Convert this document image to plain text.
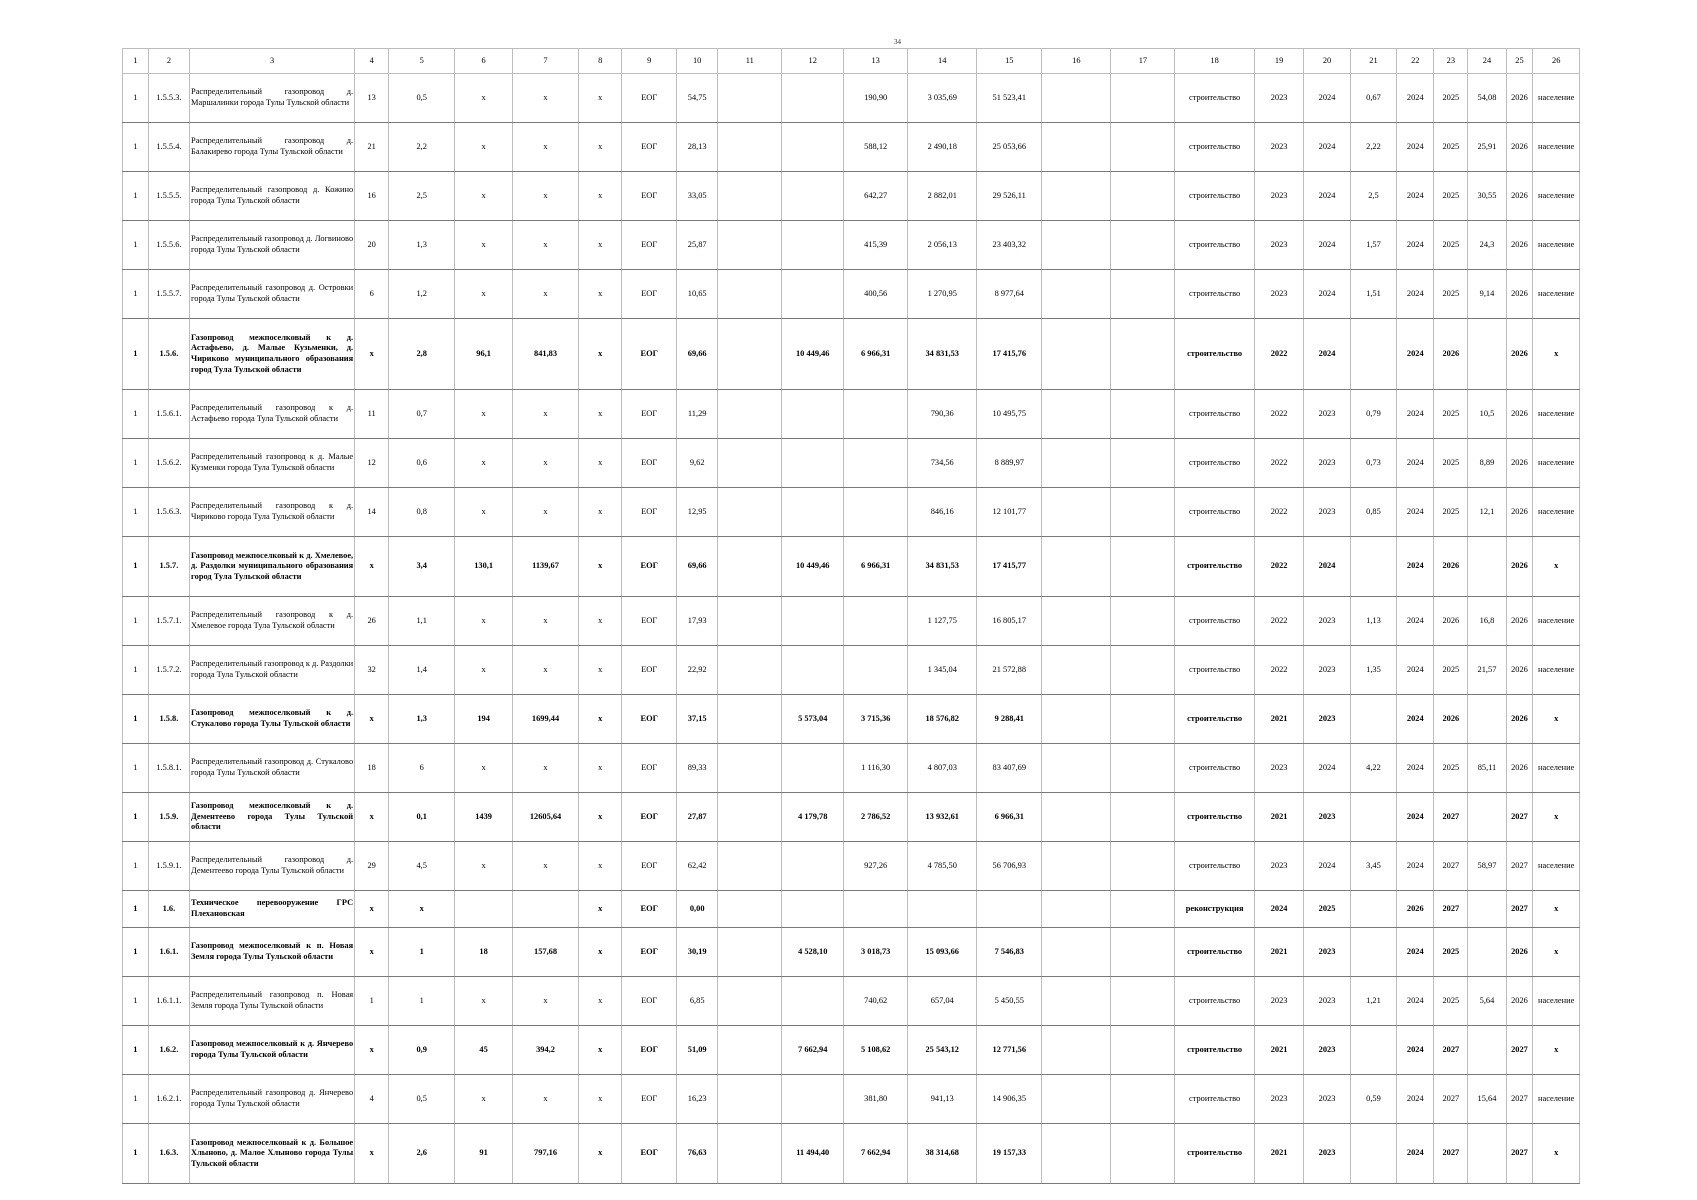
34
1	2	3	4	5	6	7	8	9	10	11	12	13	14	15	16	17	18	19	20	21	22	23	24	25	26
1	1.5.5.3.	Распределительный газопровод д. Маршалинки города Тулы Тульской области	13	0,5	х	х	х	ЕОГ	54,75			190,90	3 035,69	51 523,41			строительство	2023	2024	0,67	2024	2025	54,08	2026	население
1	1.5.5.4.	Распределительный газопровод д. Балакирево города Тулы Тульской области	21	2,2	х	х	х	ЕОГ	28,13			588,12	2 490,18	25 053,66			строительство	2023	2024	2,22	2024	2025	25,91	2026	население
1	1.5.5.5.	Распределительный газопровод д. Кожино города Тулы Тульской области	16	2,5	х	х	х	ЕОГ	33,05			642,27	2 882,01	29 526,11			строительство	2023	2024	2,5	2024	2025	30,55	2026	население
1	1.5.5.6.	Распределительный газопровод д. Логвиново города Тулы Тульской области	20	1,3	х	х	х	ЕОГ	25,87			415,39	2 056,13	23 403,32			строительство	2023	2024	1,57	2024	2025	24,3	2026	население
1	1.5.5.7.	Распределительный газопровод д. Островки города Тулы Тульской области	6	1,2	х	х	х	ЕОГ	10,65			400,56	1 270,95	8 977,64			строительство	2023	2024	1,51	2024	2025	9,14	2026	население
1	1.5.6.	Газопровод межпоселковый к д. Астафьево, д. Малые Кузьменки, д. Чириково муниципального образования город Тула Тульской области	х	2,8	96,1	841,83	х	ЕОГ	69,66		10 449,46	6 966,31	34 831,53	17 415,76			строительство	2022	2024		2024	2026		2026	х
1	1.5.6.1.	Распределительный газопровод к д. Астафьево города Тула Тульской области	11	0,7	х	х	х	ЕОГ	11,29				790,36	10 495,75			строительство	2022	2023	0,79	2024	2025	10,5	2026	население
1	1.5.6.2.	Распределительный газопровод к д. Малые Кузменки города Тула Тульской области	12	0,6	х	х	х	ЕОГ	9,62				734,56	8 889,97			строительство	2022	2023	0,73	2024	2025	8,89	2026	население
1	1.5.6.3.	Распределительный газопровод к д. Чириково города Тула Тульской области	14	0,8	х	х	х	ЕОГ	12,95				846,16	12 101,77			строительство	2022	2023	0,85	2024	2025	12,1	2026	население
1	1.5.7.	Газопровод межпоселковый к д. Хмелевое, д. Раздолки муниципального образования город Тула Тульской области	х	3,4	130,1	1139,67	х	ЕОГ	69,66		10 449,46	6 966,31	34 831,53	17 415,77			строительство	2022	2024		2024	2026		2026	х
1	1.5.7.1.	Распределительный газопровод к д. Хмелевое города Тула Тульской области	26	1,1	х	х	х	ЕОГ	17,93				1 127,75	16 805,17			строительство	2022	2023	1,13	2024	2026	16,8	2026	население
1	1.5.7.2.	Распределительный газопровод к д. Раздолки города Тула Тульской области	32	1,4	х	х	х	ЕОГ	22,92				1 345,04	21 572,88			строительство	2022	2023	1,35	2024	2025	21,57	2026	население
1	1.5.8.	Газопровод межпоселковый к д. Стукалово города Тулы Тульской области	х	1,3	194	1699,44	х	ЕОГ	37,15		5 573,04	3 715,36	18 576,82	9 288,41			строительство	2021	2023		2024	2026		2026	х
1	1.5.8.1.	Распределительный газопровод д. Стукалово города Тулы Тульской области	18	6	х	х	х	ЕОГ	89,33			1 116,30	4 807,03	83 407,69			строительство	2023	2024	4,22	2024	2025	85,11	2026	население
1	1.5.9.	Газопровод межпоселковый к д. Дементеево города Тулы Тульской области	х	0,1	1439	12605,64	х	ЕОГ	27,87		4 179,78	2 786,52	13 932,61	6 966,31			строительство	2021	2023		2024	2027		2027	х
1	1.5.9.1.	Распределительный газопровод д. Дементеево города Тулы Тульской области	29	4,5	х	х	х	ЕОГ	62,42			927,26	4 785,50	56 706,93			строительство	2023	2024	3,45	2024	2027	58,97	2027	население
1	1.6.	Техническое перевооружение ГРС Плехановская	х	х			х	ЕОГ	0,00								реконструкция	2024	2025		2026	2027		2027	х
1	1.6.1.	Газопровод межпоселковый к п. Новая Земля города Тулы Тульской области	х	1	18	157,68	х	ЕОГ	30,19		4 528,10	3 018,73	15 093,66	7 546,83			строительство	2021	2023		2024	2025		2026	х
1	1.6.1.1.	Распределительный газопровод п. Новая Земля города Тулы Тульской области	1	1	х	х	х	ЕОГ	6,85			740,62	657,04	5 450,55			строительство	2023	2023	1,21	2024	2025	5,64	2026	население
1	1.6.2.	Газопровод межпоселковый к д. Янчерево города Тулы Тульской области	х	0,9	45	394,2	х	ЕОГ	51,09		7 662,94	5 108,62	25 543,12	12 771,56			строительство	2021	2023		2024	2027		2027	х
1	1.6.2.1.	Распределительный газопровод д. Янчерево города Тулы Тульской области	4	0,5	х	х	х	ЕОГ	16,23			381,80	941,13	14 906,35			строительство	2023	2023	0,59	2024	2027	15,64	2027	население
1	1.6.3.	Газопровод межпоселковый к д. Большое Хлыново, д. Малое Хлыново города Тулы Тульской области	х	2,6	91	797,16	х	ЕОГ	76,63		11 494,40	7 662,94	38 314,68	19 157,33			строительство	2021	2023		2024	2027		2027	х
